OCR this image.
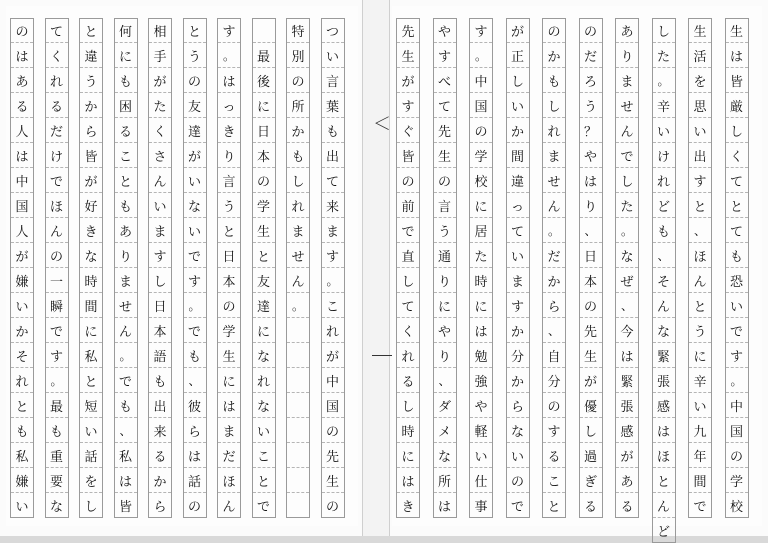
の
は
あ
る
人
は
中
国
人
が
嫌
い
か
そ
れ
と
も
私
嫌
い
て
く
れ
る
だ
け
で
ほ
ん
の
一
瞬
で
す
。
最
も
重
要
な
と
違
う
か
ら
皆
が
好
き
な
時
間
に
私
と
短
い
話
を
し
何
に
も
困
る
こ
と
も
あ
り
ま
せ
ん
。
で
も
、
私
は
皆
相
手
が
た
く
さ
ん
い
ま
す
し
日
本
語
も
出
来
る
か
ら
と
う
の
友
達
が
い
な
い
で
す
。
で
も
、
彼
ら
は
話
の
す
。
は
っ
き
り
言
う
と
日
本
の
学
生
に
は
ま
だ
ほ
ん
最
後
に
日
本
の
学
生
と
友
達
に
な
れ
な
い
こ
と
で
特
別
の
所
か
も
し
れ
ま
せ
ん
。
つ
い
言
葉
も
出
て
来
ま
す
。
こ
れ
が
中
国
の
先
生
の
＜
先
生
が
す
ぐ
皆
の
前
で
直
し
て
く
れ
る
し
時
に
は
き
や
す
べ
て
先
生
の
言
う
通
り
に
や
り
、
ダ
メ
な
所
は
す
。
中
国
の
学
校
に
居
た
時
に
は
勉
強
や
軽
い
仕
事
が
正
し
い
か
間
違
っ
て
い
ま
す
か
分
か
ら
な
い
の
で
の
か
も
し
れ
ま
せ
ん
。
だ
か
ら
、
自
分
の
す
る
こ
と
の
だ
ろ
う
？
や
は
り
、
日
本
の
先
生
が
優
し
過
ぎ
る
あ
り
ま
せ
ん
で
し
た
。
な
ぜ
、
今
は
緊
張
感
が
あ
る
し
た
。
辛
い
け
れ
ど
も
、
そ
ん
な
緊
張
感
は
ほ
と
ん
ど
生
活
を
思
い
出
す
と
、
ほ
ん
と
う
に
辛
い
九
年
間
で
生
は
皆
厳
し
く
て
と
て
も
恐
い
で
す
。
中
国
の
学
校
